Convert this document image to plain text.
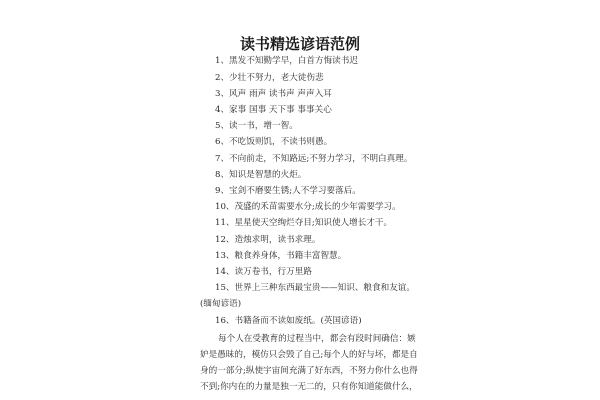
读书精选谚语范例
1、黑发不知勤学早，白首方悔读书迟
2、少壮不努力，老大徒伤悲
3、风声 雨声 读书声 声声入耳
4、家事 国事 天下事 事事关心
5、读一书，增一智。
6、不吃饭则饥，不读书则愚。
7、不向前走，不知路远;不努力学习，不明白真理。
8、知识是智慧的火炬。
9、宝剑不磨要生锈;人不学习要落后。
10、茂盛的禾苗需要水分;成长的少年需要学习。
11、星星使天空绚烂夺目;知识使人增长才干。
12、造烛求明，读书求理。
13、粮食养身体，书籍丰富智慧。
14、读万卷书，行万里路
15、世界上三种东西最宝贵——知识、粮食和友谊。
(缅甸谚语)
16、书籍备而不读如废纸。(英国谚语)
每个人在受教育的过程当中，都会有段时间确信：嫉
妒是愚昧的，模仿只会毁了自己;每个人的好与坏，都是自
身的一部分;纵使宇宙间充满了好东西，不努力你什么也得
不到;你内在的力量是独一无二的，只有你知道能做什么，
